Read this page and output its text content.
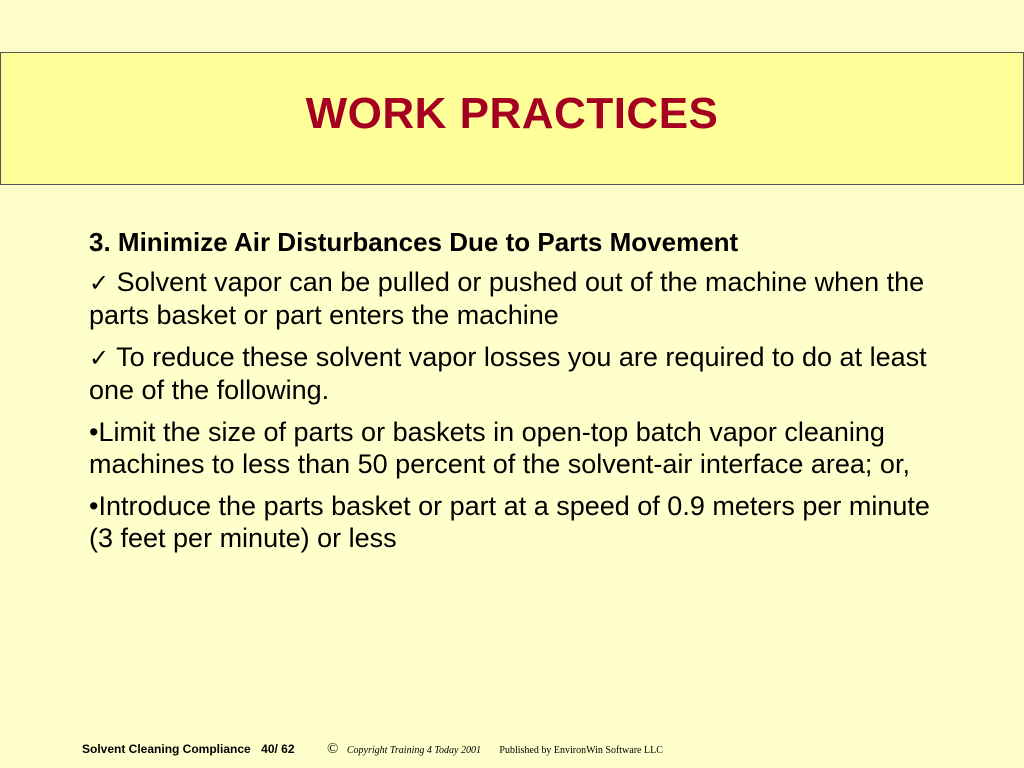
WORK PRACTICES
3. Minimize Air Disturbances Due to Parts Movement
✓ Solvent vapor can be pulled or pushed out of the machine when the parts basket or part enters the machine
✓ To reduce these solvent vapor losses you are required to do at least one of the following.
•Limit the size of parts or baskets in open-top batch vapor cleaning machines to less than 50 percent of the solvent-air interface area; or,
•Introduce the parts basket or part at a speed of 0.9 meters per minute (3 feet per minute) or less
Solvent Cleaning Compliance 40/ 62 © Copyright Training 4 Today 2001 Published by EnvironWin Software LLC
